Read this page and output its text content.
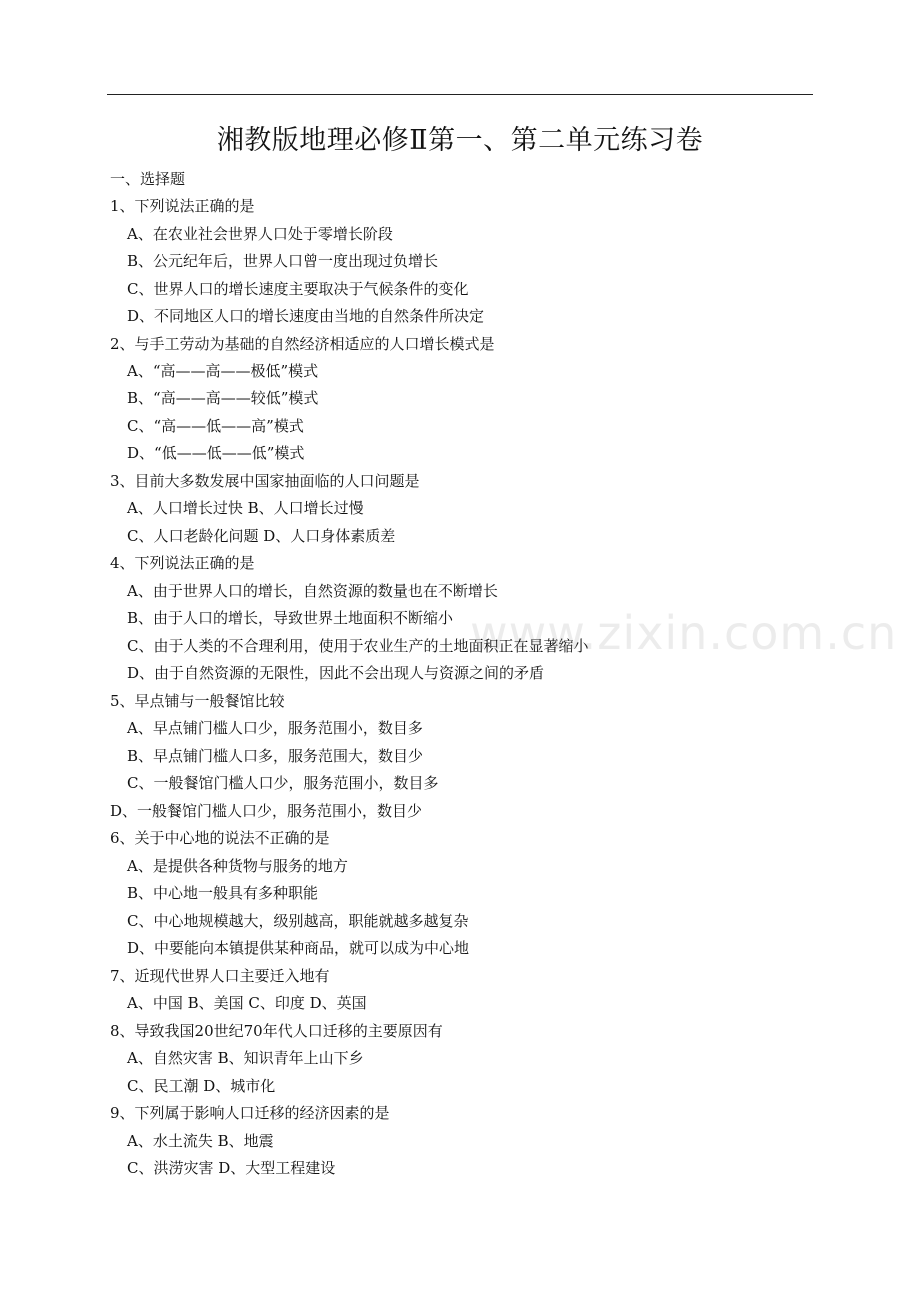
湘教版地理必修Ⅱ第一、第二单元练习卷
一、选择题
1、下列说法正确的是
A、在农业社会世界人口处于零增长阶段
B、公元纪年后，世界人口曾一度出现过负增长
C、世界人口的增长速度主要取决于气候条件的变化
D、不同地区人口的增长速度由当地的自然条件所决定
2、与手工劳动为基础的自然经济相适应的人口增长模式是
A、“高——高——极低”模式
B、“高——高——较低”模式
C、“高——低——高”模式
D、“低——低——低”模式
3、目前大多数发展中国家抽面临的人口问题是
A、人口增长过快 B、人口增长过慢
C、人口老龄化问题 D、人口身体素质差
4、下列说法正确的是
A、由于世界人口的增长，自然资源的数量也在不断增长
B、由于人口的增长，导致世界土地面积不断缩小
C、由于人类的不合理利用，使用于农业生产的土地面积正在显著缩小
D、由于自然资源的无限性，因此不会出现人与资源之间的矛盾
5、早点铺与一般餐馆比较
A、早点铺门槛人口少，服务范围小，数目多
B、早点铺门槛人口多，服务范围大，数目少
C、一般餐馆门槛人口少，服务范围小，数目多
D、一般餐馆门槛人口少，服务范围小，数目少
6、关于中心地的说法不正确的是
A、是提供各种货物与服务的地方
B、中心地一般具有多种职能
C、中心地规模越大，级别越高，职能就越多越复杂
D、中要能向本镇提供某种商品，就可以成为中心地
7、近现代世界人口主要迁入地有
A、中国 B、美国 C、印度 D、英国
8、导致我国20世纪70年代人口迁移的主要原因有
A、自然灾害 B、知识青年上山下乡
C、民工潮 D、城市化
9、下列属于影响人口迁移的经济因素的是
A、水土流失 B、地震
C、洪涝灾害 D、大型工程建设
www.zixin.com.cn
